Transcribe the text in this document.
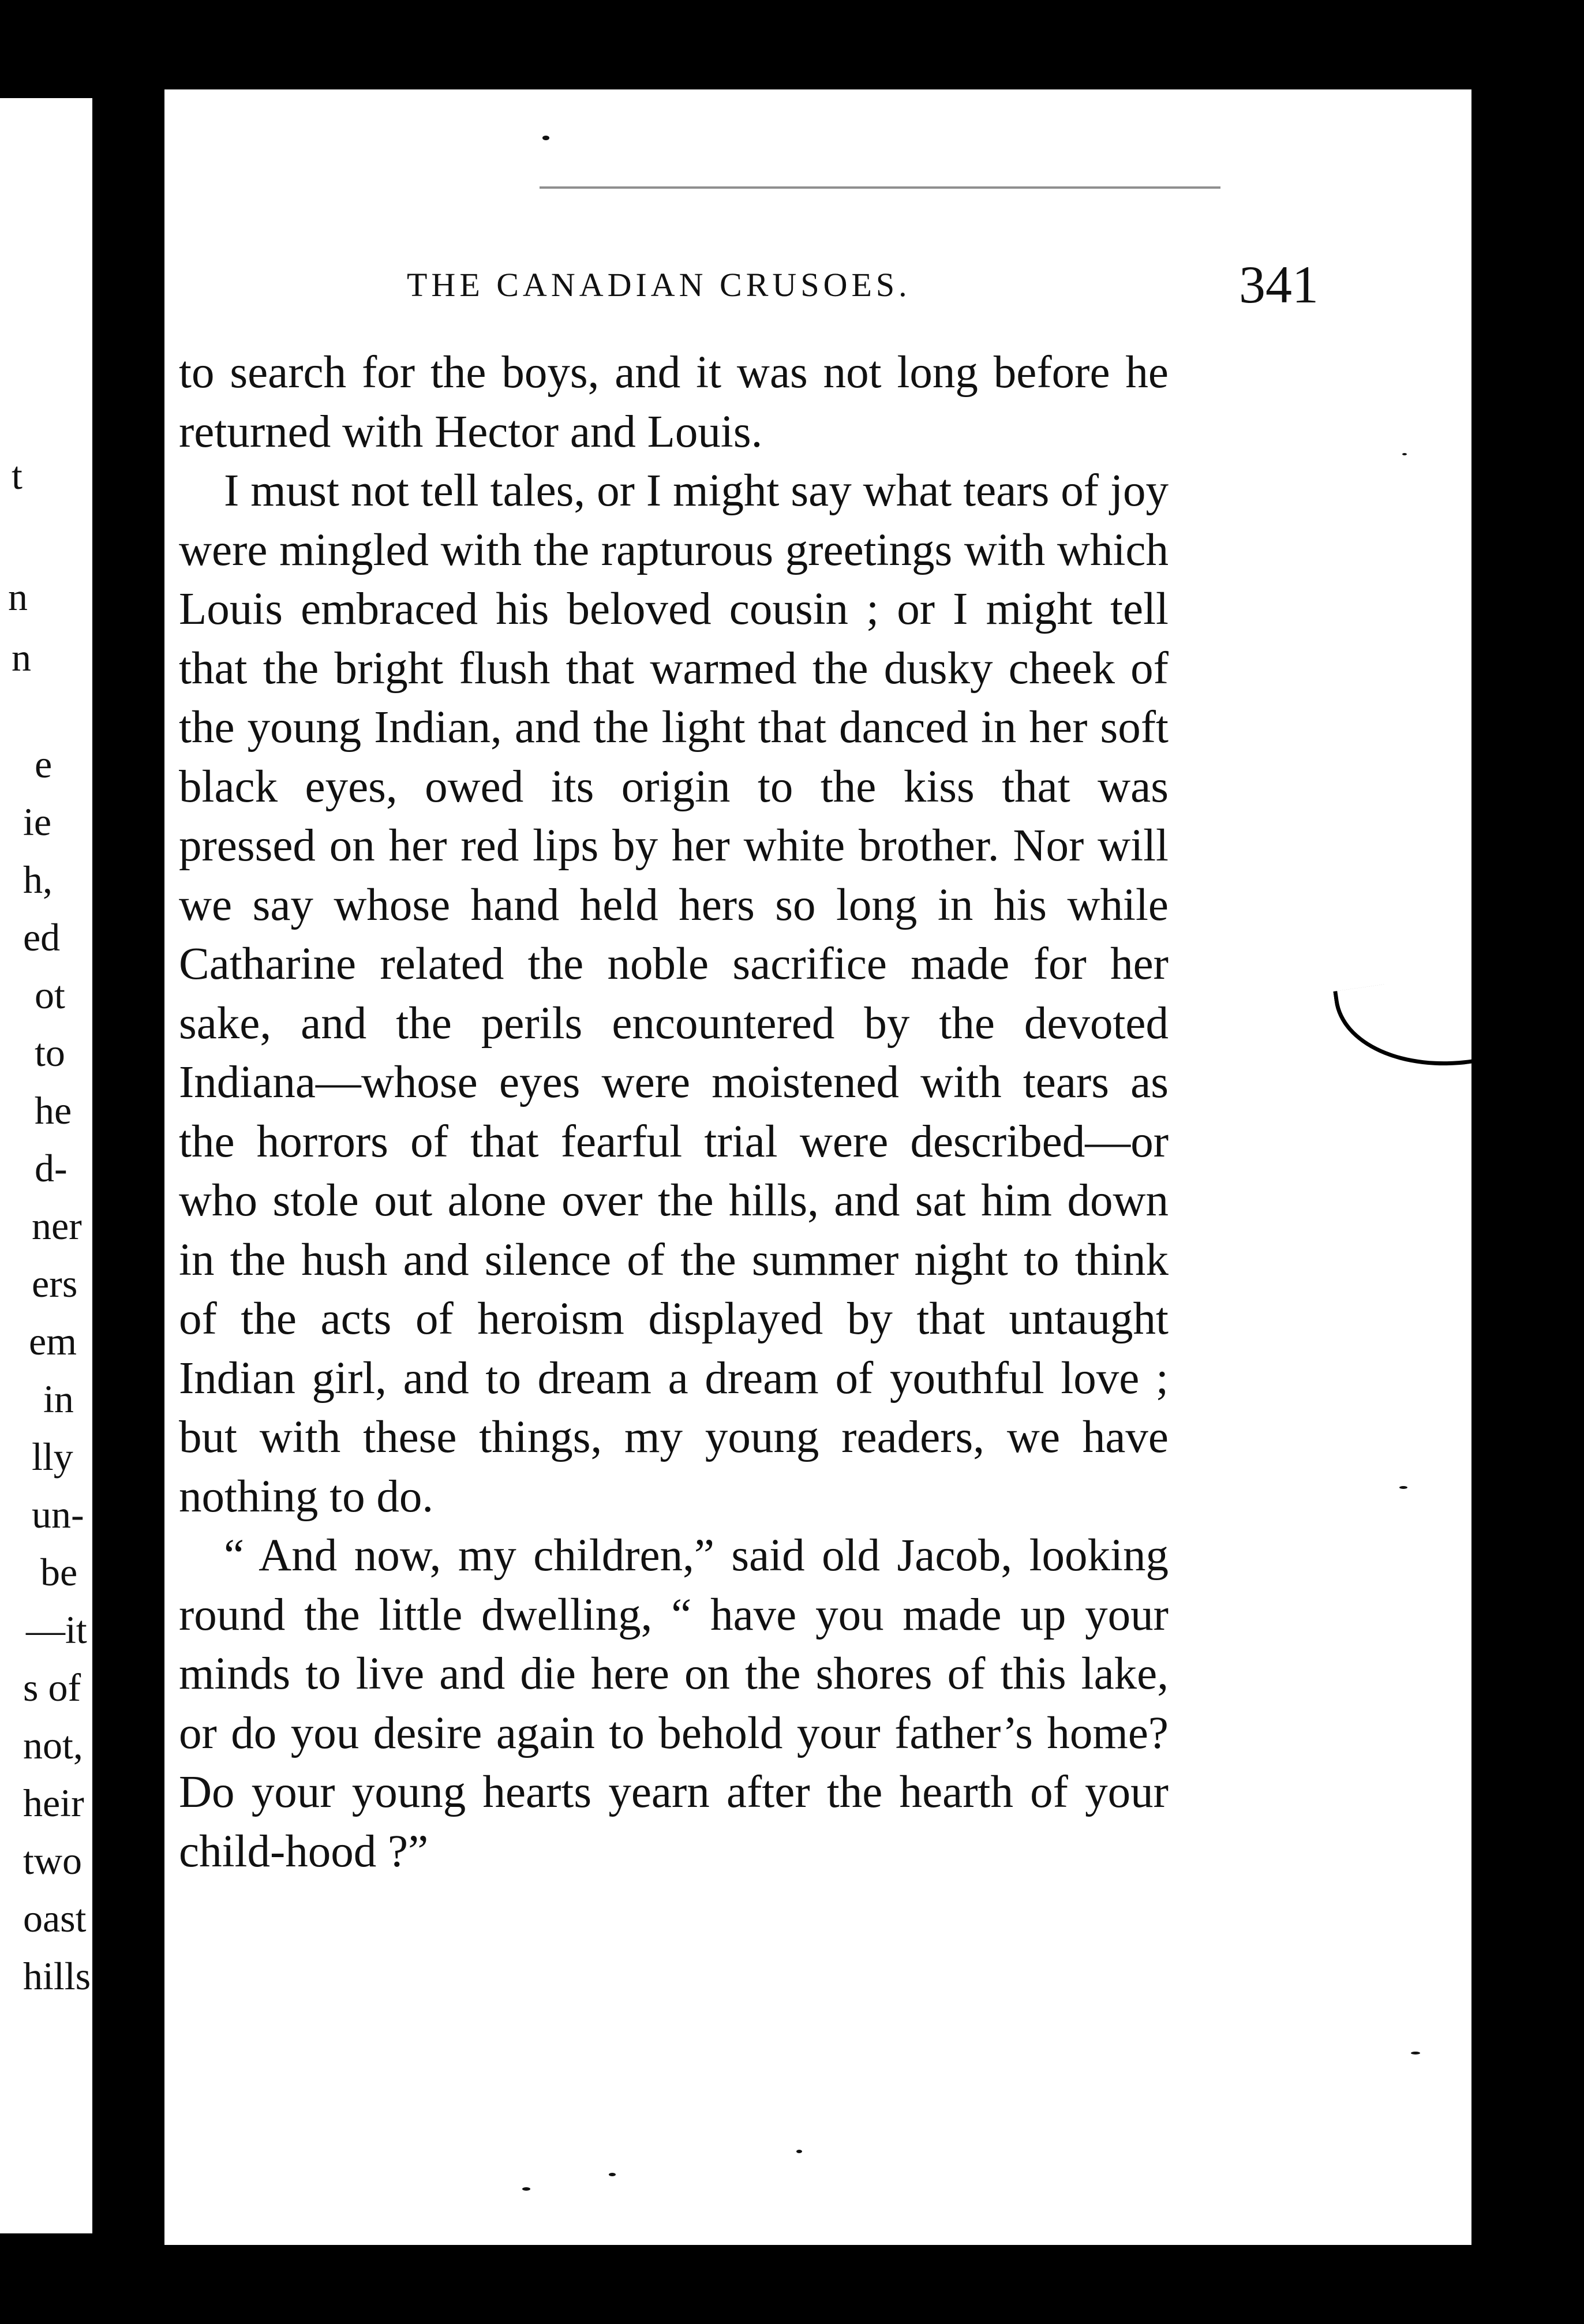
t
n
n
e
ie
h,
ed
ot
to
he
d-
ner
ers
em
in
lly
un-
be
—it
s of
not,
heir
two
oast
hills
THE CANADIAN CRUSOES.	341

to search for the boys, and it was not long before he returned with Hector and Louis.

I must not tell tales, or I might say what tears of joy were mingled with the rapturous greetings with which Louis embraced his beloved cousin ; or I might tell that the bright flush that warmed the dusky cheek of the young Indian, and the light that danced in her soft black eyes, owed its origin to the kiss that was pressed on her red lips by her white brother. Nor will we say whose hand held hers so long in his while Catharine related the noble sacrifice made for her sake, and the perils encountered by the devoted Indiana—whose eyes were moistened with tears as the horrors of that fearful trial were described—or who stole out alone over the hills, and sat him down in the hush and silence of the summer night to think of the acts of heroism displayed by that untaught Indian girl, and to dream a dream of youthful love ; but with these things, my young readers, we have nothing to do.

“ And now, my children,” said old Jacob, looking round the little dwelling, “ have you made up your minds to live and die here on the shores of this lake, or do you desire again to behold your father’s home? Do your young hearts yearn after the hearth of your child-hood ?”
